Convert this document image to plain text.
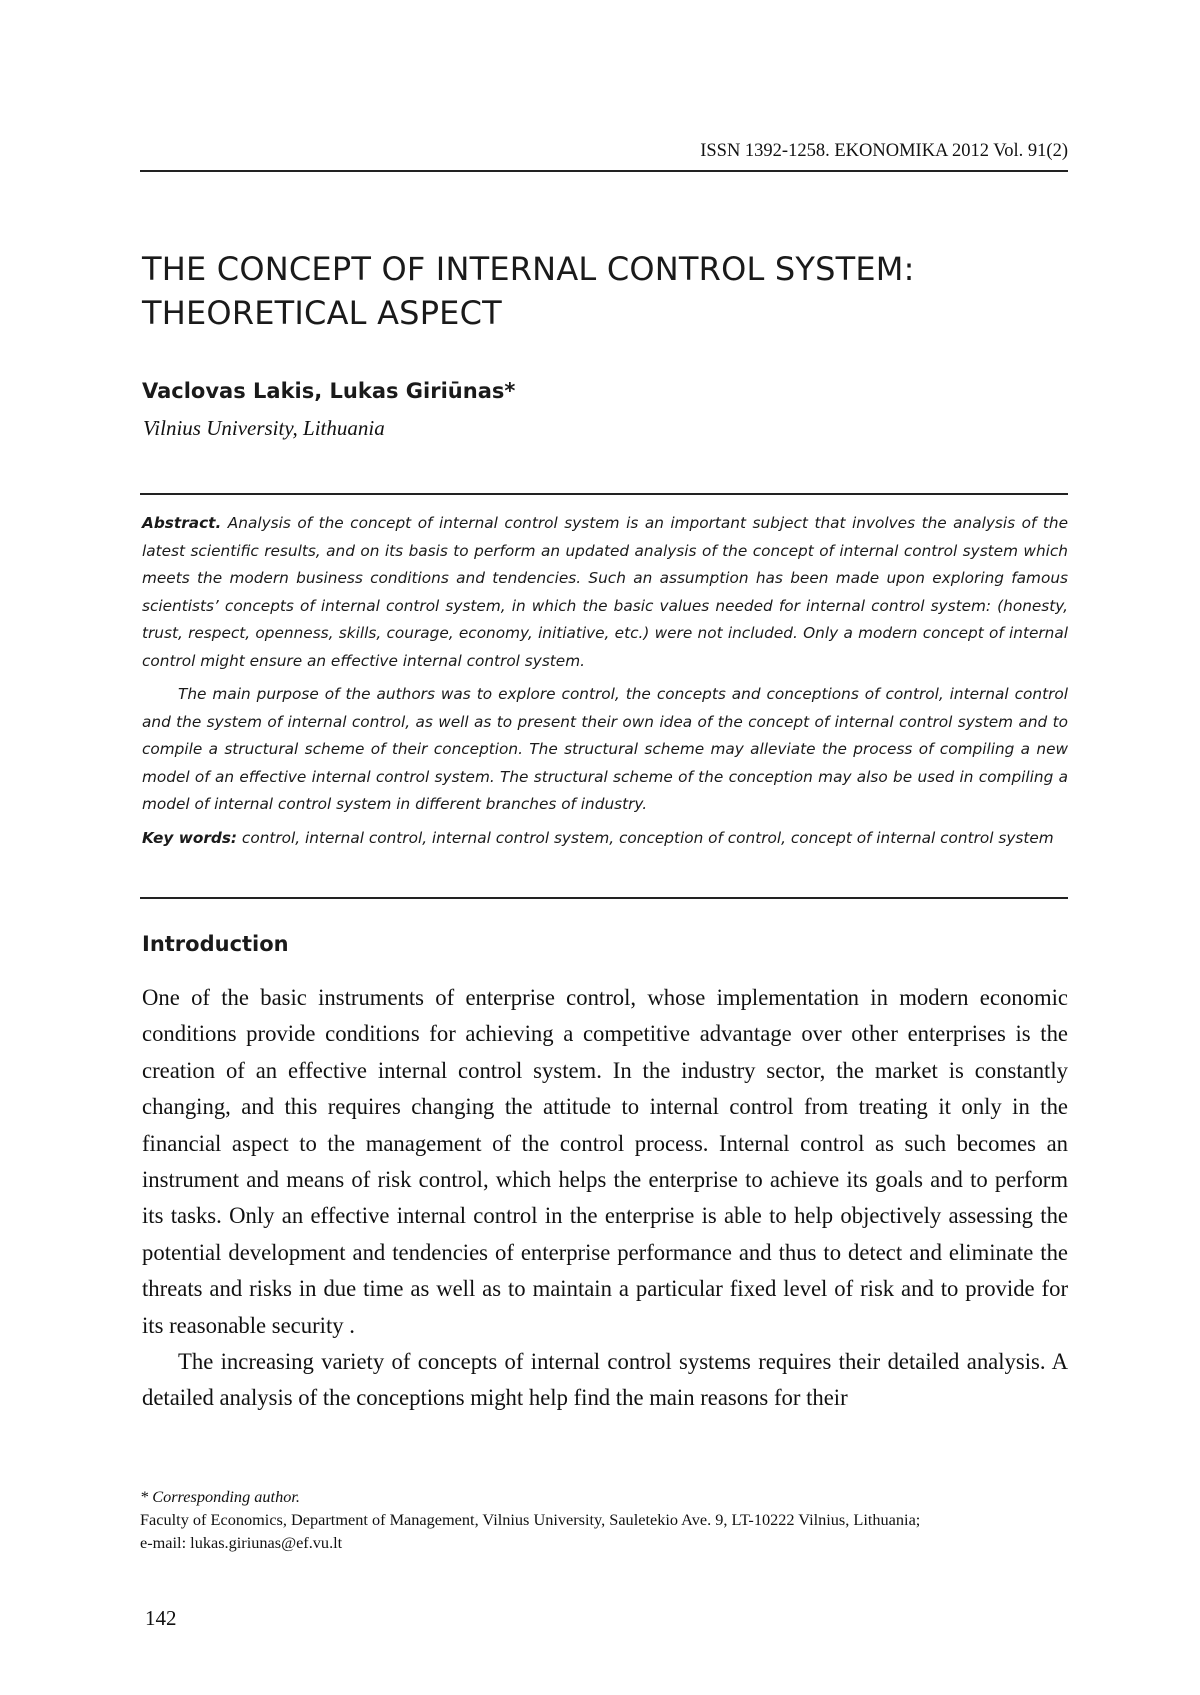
ISSN 1392-1258. EKONOMIKA 2012 Vol. 91(2)
THE CONCEPT OF INTERNAL CONTROL SYSTEM:
THEORETICAL ASPECT
Vaclovas Lakis, Lukas Giriūnas*
Vilnius University, Lithuania

Abstract. Analysis of the concept of internal control system is an important subject that involves the analysis of the latest scientific results, and on its basis to perform an updated analysis of the concept of internal control system which meets the modern business conditions and tendencies. Such an assumption has been made upon exploring famous scientists’ concepts of internal control system, in which the basic values needed for internal control system: (honesty, trust, respect, openness, skills, courage, economy, initiative, etc.) were not included. Only a modern concept of internal control might ensure an effective internal control system.

The main purpose of the authors was to explore control, the concepts and conceptions of control, internal control and the system of internal control, as well as to present their own idea of the concept of internal control system and to compile a structural scheme of their conception. The structural scheme may alleviate the process of compiling a new model of an effective internal control system. The structural scheme of the conception may also be used in compiling a model of internal control system in different branches of industry.

Key words: control, internal control, internal control system, conception of control, concept of internal control system

Introduction

One of the basic instruments of enterprise control, whose implementation in modern economic conditions provide conditions for achieving a competitive advantage over other enterprises is the creation of an effective internal control system. In the industry sector, the market is constantly changing, and this requires changing the attitude to internal control from treating it only in the financial aspect to the management of the control process. Internal control as such becomes an instrument and means of risk control, which helps the enterprise to achieve its goals and to perform its tasks. Only an effective internal control in the enterprise is able to help objectively assessing the potential development and tendencies of enterprise performance and thus to detect and eliminate the threats and risks in due time as well as to maintain a particular fixed level of risk and to provide for its reasonable security .

The increasing variety of concepts of internal control systems requires their detailed analysis. A detailed analysis of the conceptions might help find the main reasons for their

* Corresponding author.
Faculty of Economics, Department of Management, Vilnius University, Sauletekio Ave. 9, LT-10222 Vilnius, Lithuania;
e-mail: lukas.giriunas@ef.vu.lt
142
